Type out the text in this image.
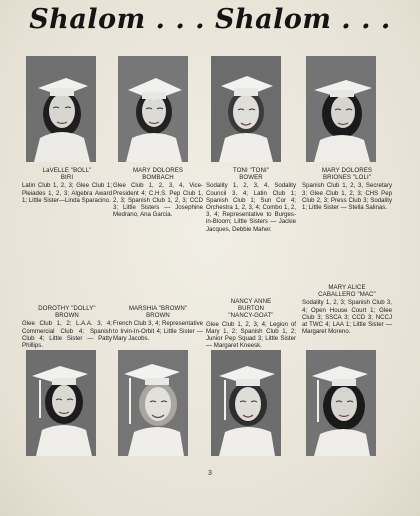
Shalom . . . Shalom . . .
LaVELLE "BOLL"
BIRI
Latin Club 1, 2, 3; Glee Club 1; Pleiades 1, 2, 3; Algebra Award 1; Little Sister—Linda Sparacino.
MARY DOLORES
BOMBACH
Glee Club 1, 2, 3, 4, Vice-President 4; C.H.S. Pep Club 1, 2, 3; Spanish Club 1, 2, 3; CCD 3; Little Sisters — Josephine Medrano, Ana Garcia.
TONI "TONI"
BOWER
Sodality 1, 2, 3, 4, Sodality Council 3, 4; Latin Club 1; Spanish Club 1; Sun Cor 4; Orchestra 1, 2, 3, 4; Combo 1, 2, 3, 4; Representative to Burges-in-Bloom; Little Sisters — Jackie Jacques, Debbie Maher.
MARY DOLORES
BRIONES "LOLI"
Spanish Club 1, 2, 3, Secretary 3; Glee Club 1, 2, 3; CHS Pep Club 2, 3; Press Club 3; Sodality 1; Little Sister — Stella Salinas.
DOROTHY "DOLLY"
BROWN
Glee Club 1, 2; L.A.A. 3, 4; Commercial Club 4; Spanish Club 4; Little Sister — Patty Phillips.
MARSHIA "BROWN"
BROWN
French Club 3, 4; Representative to Irvin-In-Orbit 4; Little Sister — Mary Jacobs.
NANCY ANNE
BURTON
"NANCY-GOAT"
Glee Club 1, 2, 3, 4; Legion of Mary 1, 2; Spanish Club 1, 2; Junior Pep Squad 3; Little Sister — Margaret Kneesk.
MARY ALICE
CABALLERO "MAC"
Sodality 1, 2, 3; Spanish Club 3, 4; Open House Court 1; Glee Club 3; SSCA 3; CCD 3; NCCJ at TWC 4; LAA 1; Little Sister — Margaret Moreno.
3
